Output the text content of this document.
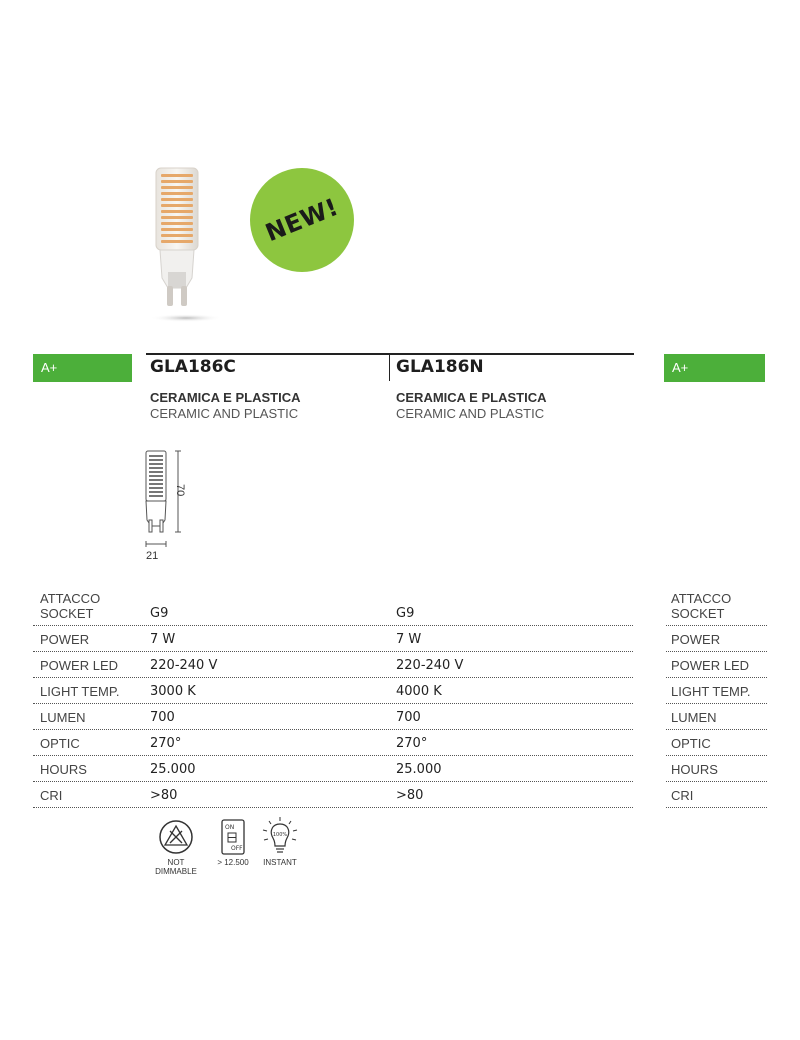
NEW!
A+	A+
GLA186C	GLA186N
CERAMICA E PLASTICA
CERAMIC AND PLASTIC
CERAMICA E PLASTICA
CERAMIC AND PLASTIC
70
21
ATTACCO
SOCKET	G9	G9
POWER	7 W	7 W
POWER LED 220-240 V	220-240 V
LIGHT TEMP. 3000 K	4000 K
LUMEN	700	700
OPTIC	270°	270°
HOURS	25.000	25.000
CRI	>80	>80
ATTACCO
SOCKET
POWER
POWER LED
LIGHT TEMP.
LUMEN
OPTIC
HOURS
CRI
NOT DIMMABLE
ON
OFF
> 12.500
100%
INSTANT
